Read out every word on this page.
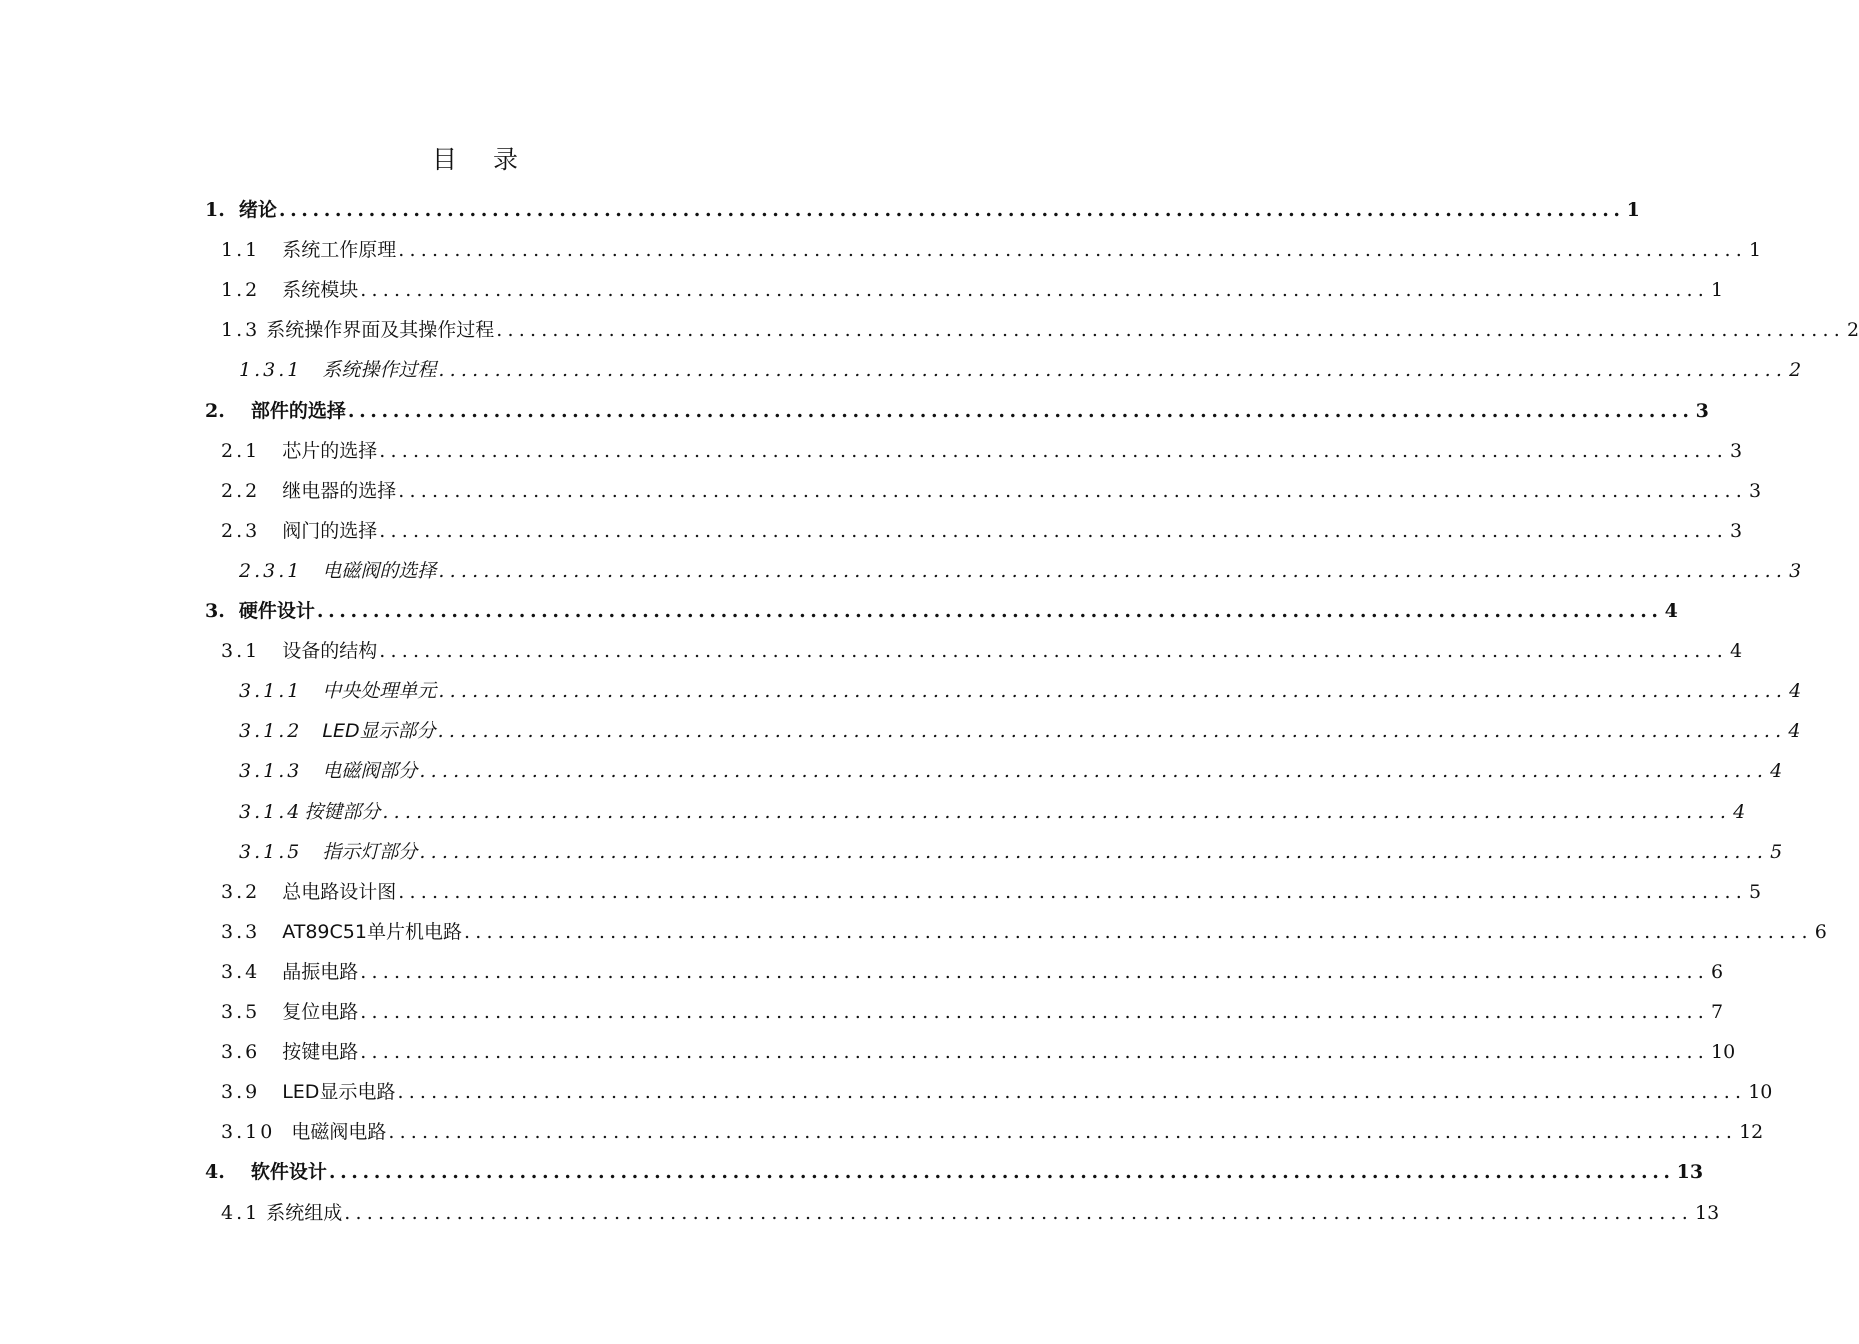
目 录
1. 绪论 ........................................................................................................................ 1
1.1 系统工作原理 ........................................................................................................................ 1
1.2 系统模块 ........................................................................................................................ 1
1.3 系统操作界面及其操作过程 ........................................................................................................................ 2
1.3.1 系统操作过程 ........................................................................................................................ 2
2. 部件的选择 ........................................................................................................................ 3
2.1 芯片的选择 ........................................................................................................................ 3
2.2 继电器的选择 ........................................................................................................................ 3
2.3 阀门的选择 ........................................................................................................................ 3
2.3.1 电磁阀的选择 ........................................................................................................................ 3
3. 硬件设计 ........................................................................................................................ 4
3.1 设备的结构 ........................................................................................................................ 4
3.1.1 中央处理单元 ........................................................................................................................ 4
3.1.2 LED显示部分 ........................................................................................................................ 4
3.1.3 电磁阀部分 ........................................................................................................................ 4
3.1.4 按键部分 ........................................................................................................................ 4
3.1.5 指示灯部分 ........................................................................................................................ 5
3.2 总电路设计图 ........................................................................................................................ 5
3.3 AT89C51单片机电路 ........................................................................................................................ 6
3.4 晶振电路 ........................................................................................................................ 6
3.5 复位电路 ........................................................................................................................ 7
3.6 按键电路 ........................................................................................................................ 10
3.9 LED显示电路 ........................................................................................................................ 10
3.10 电磁阀电路 ........................................................................................................................ 12
4. 软件设计 ........................................................................................................................ 13
4.1 系统组成 ........................................................................................................................ 13
